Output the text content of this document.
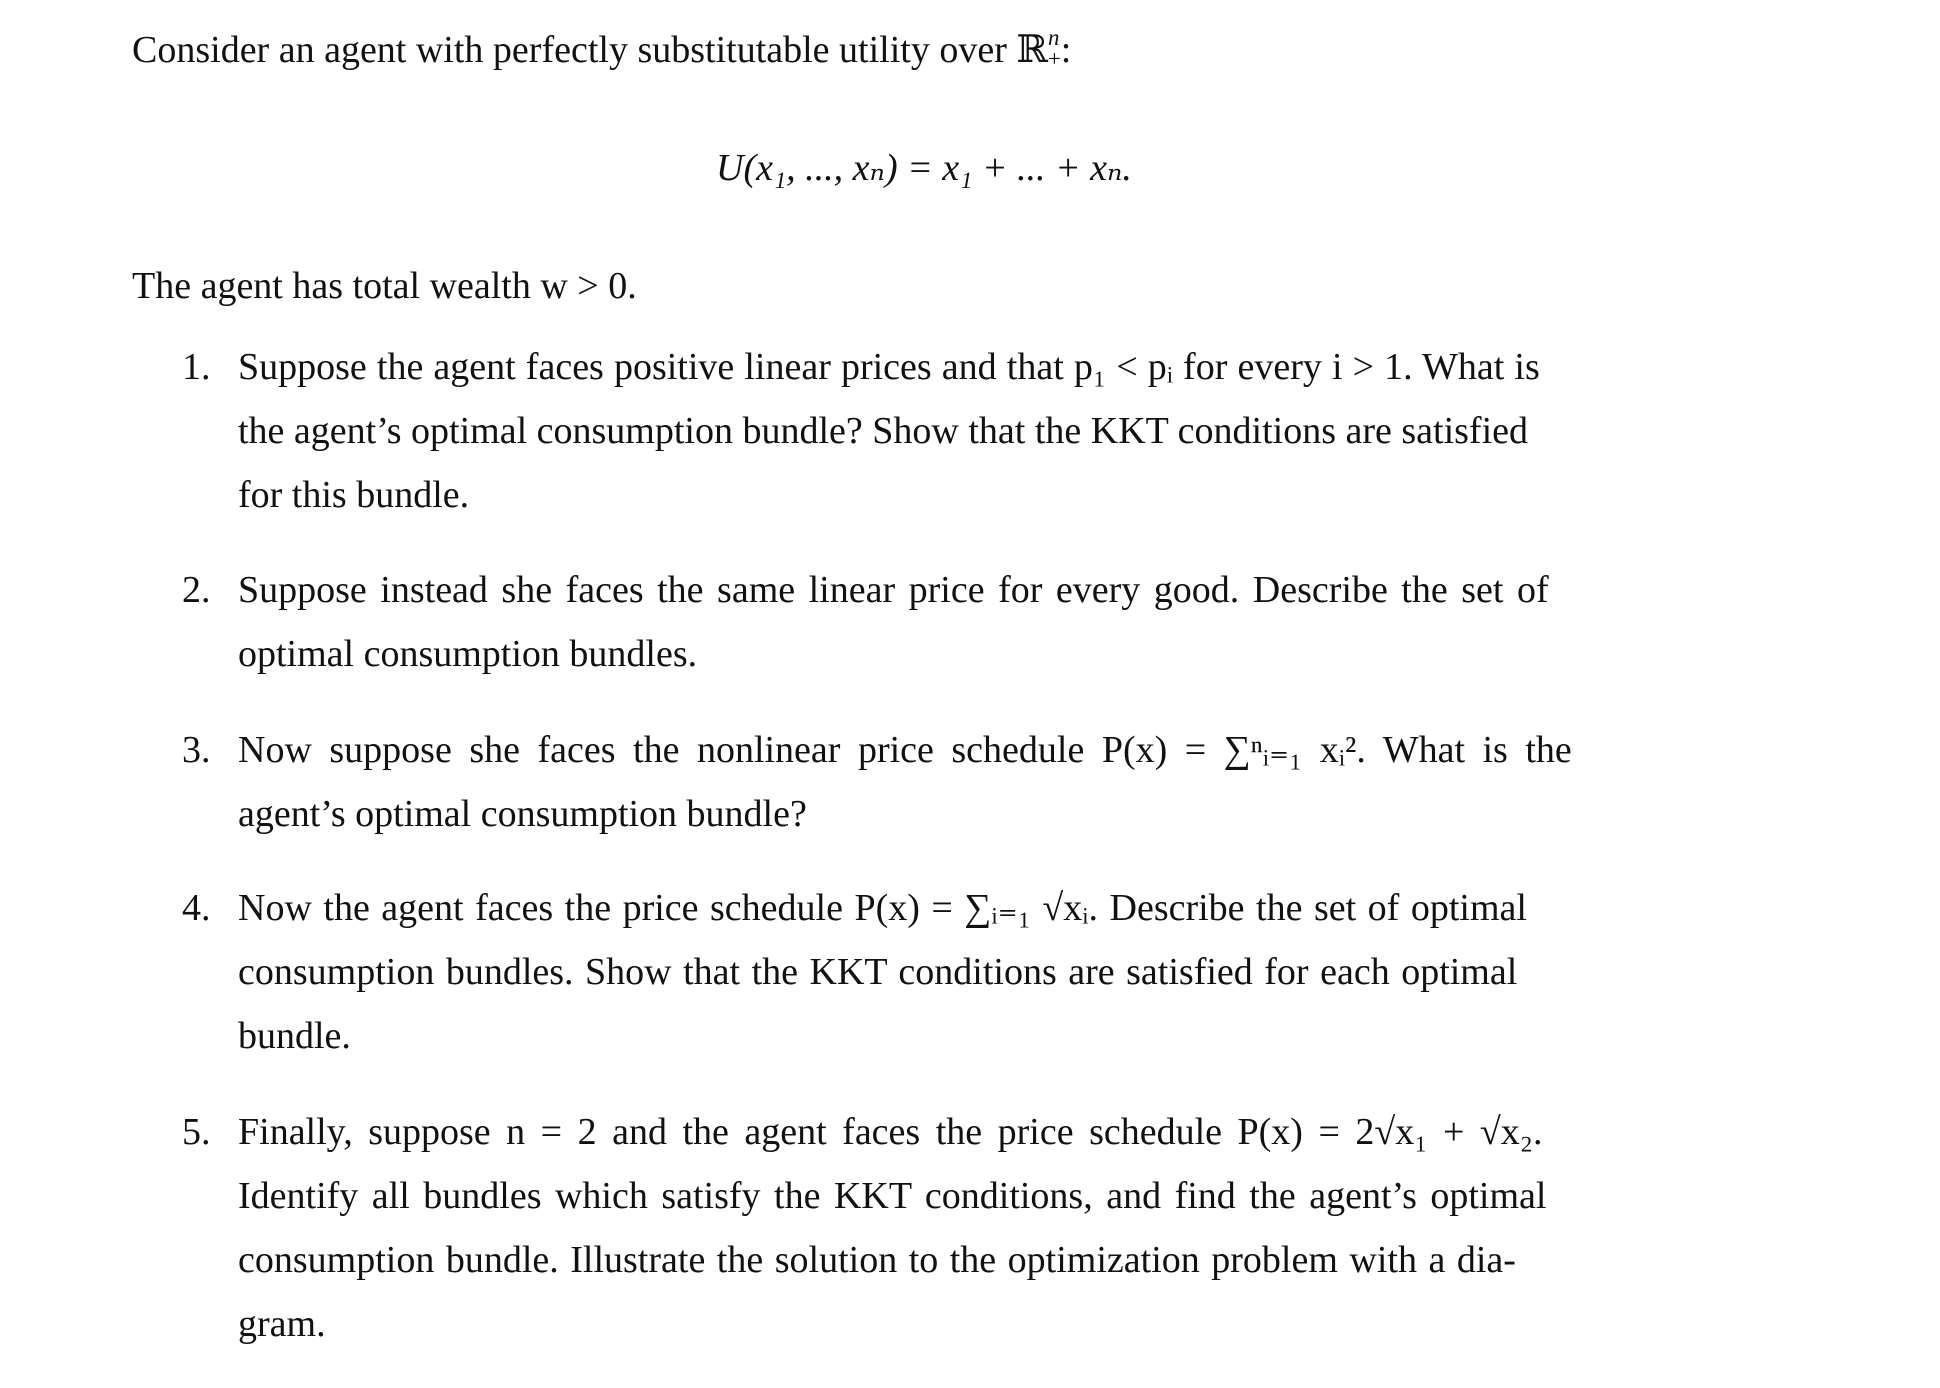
Consider an agent with perfectly substitutable utility over ℝ n
+ :
U(x₁, ..., xₙ) = x₁ + ... + xₙ.
The agent has total wealth w > 0.
1. Suppose the agent faces positive linear prices and that p₁ < pᵢ for every i > 1. What is
the agent’s optimal consumption bundle? Show that the KKT conditions are satisfied
for this bundle.
2. Suppose instead she faces the same linear price for every good. Describe the set of
optimal consumption bundles.
3. Now suppose she faces the nonlinear price schedule P(x) = ∑ⁿᵢ₌₁ xᵢ². What is the
agent’s optimal consumption bundle?
4. Now the agent faces the price schedule P(x) = ∑ᵢ₌₁ √xᵢ. Describe the set of optimal
consumption bundles. Show that the KKT conditions are satisfied for each optimal
bundle.
5. Finally, suppose n = 2 and the agent faces the price schedule P(x) = 2√x₁ + √x₂.
Identify all bundles which satisfy the KKT conditions, and find the agent’s optimal
consumption bundle. Illustrate the solution to the optimization problem with a dia-
gram.
